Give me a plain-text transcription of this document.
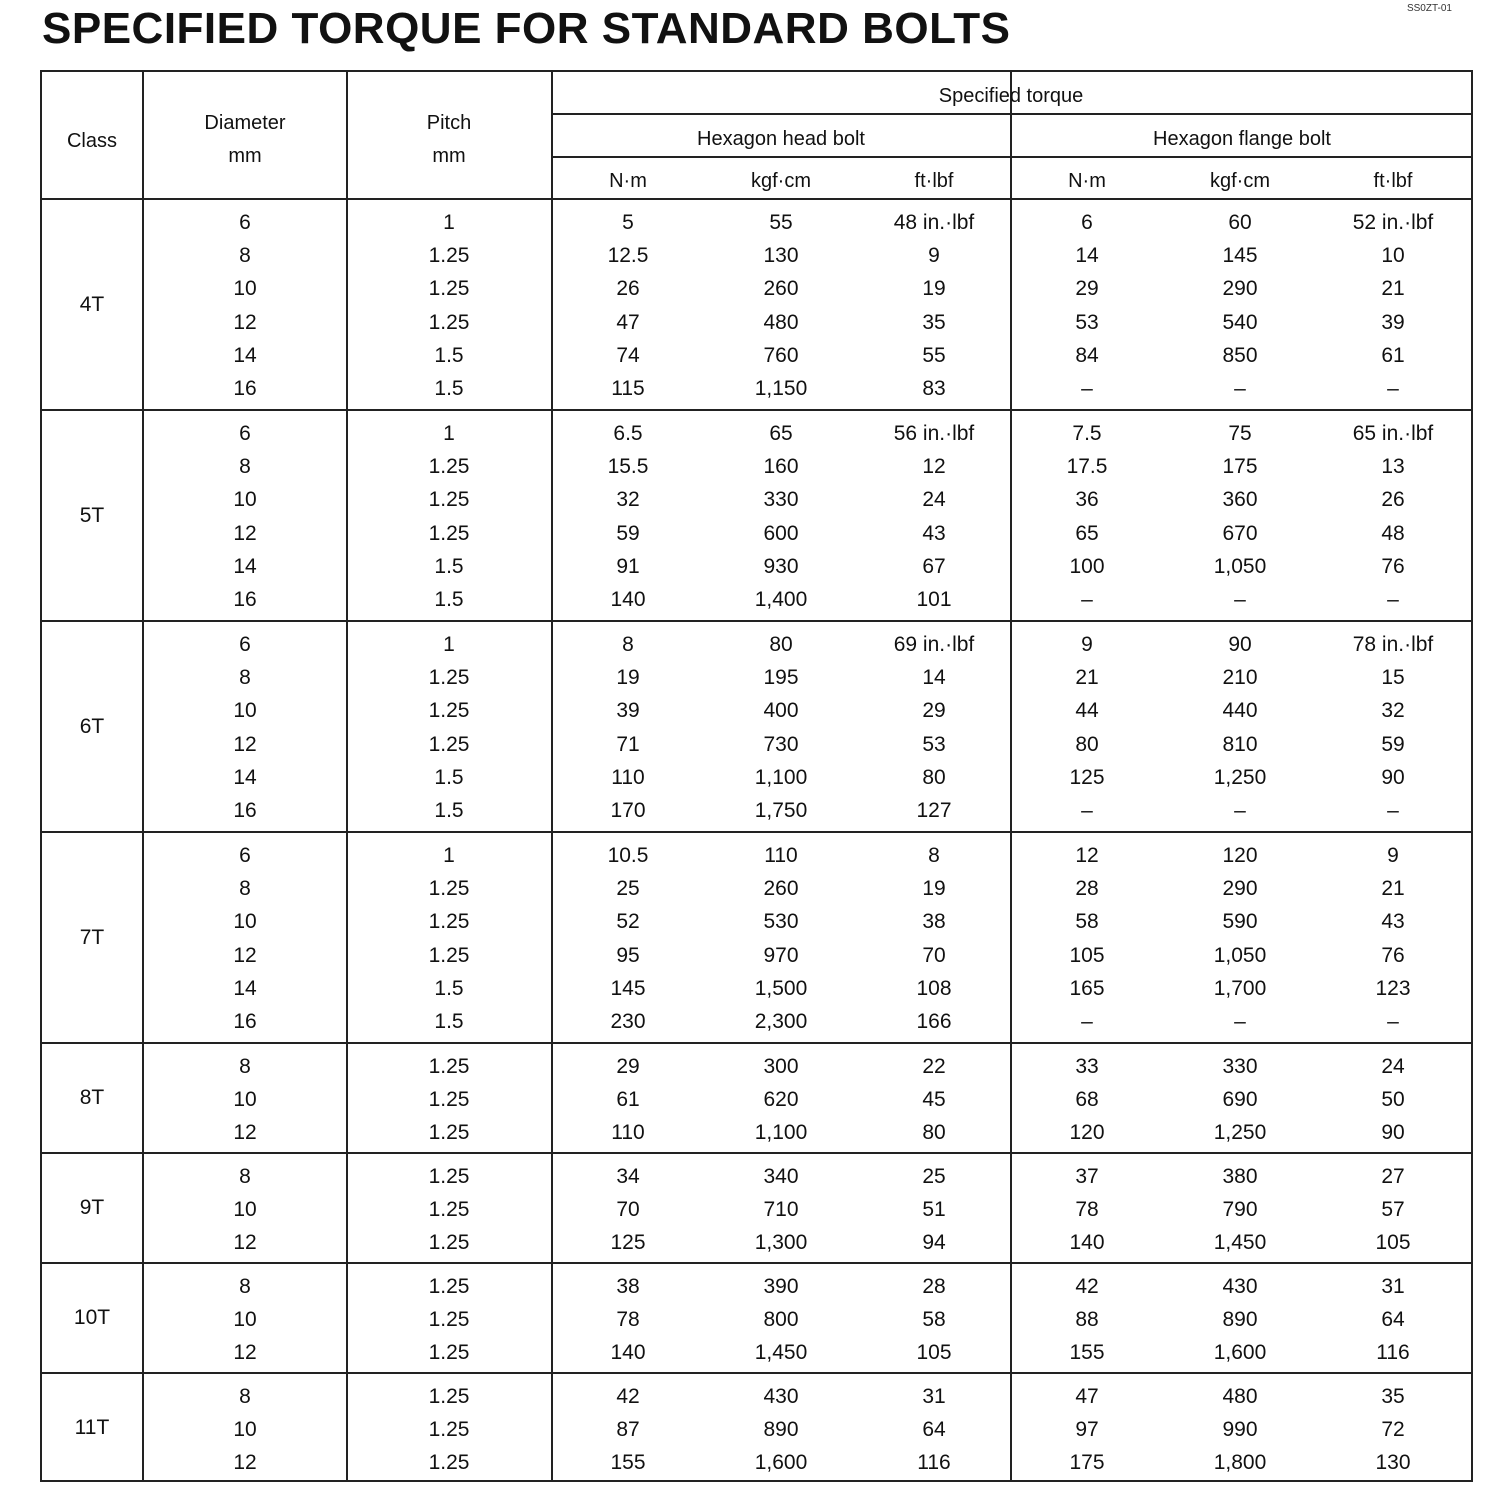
SS0ZT-01
SPECIFIED TORQUE FOR STANDARD BOLTS
Class
Diameter
mm
Pitch
mm
Specified torque
Hexagon head bolt	Hexagon flange bolt
N·m	kgf·cm	ft·lbf	N·m	kgf·cm	ft·lbf
4T
6	1	5	55	48 in.·lbf	6	60	52 in.·lbf
8	1.25	12.5	130	9	14	145	10
10	1.25	26	260	19	29	290	21
12	1.25	47	480	35	53	540	39
14	1.5	74	760	55	84	850	61
16	1.5	115	1,150	83	–	–	–
5T
6	1	6.5	65	56 in.·lbf	7.5	75	65 in.·lbf
8	1.25	15.5	160	12	17.5	175	13
10	1.25	32	330	24	36	360	26
12	1.25	59	600	43	65	670	48
14	1.5	91	930	67	100	1,050	76
16	1.5	140	1,400	101	–	–	–
6T
6	1	8	80	69 in.·lbf	9	90	78 in.·lbf
8	1.25	19	195	14	21	210	15
10	1.25	39	400	29	44	440	32
12	1.25	71	730	53	80	810	59
14	1.5	110	1,100	80	125	1,250	90
16	1.5	170	1,750	127	–	–	–
7T
6	1	10.5	110	8	12	120	9
8	1.25	25	260	19	28	290	21
10	1.25	52	530	38	58	590	43
12	1.25	95	970	70	105	1,050	76
14	1.5	145	1,500	108	165	1,700	123
16	1.5	230	2,300	166	–	–	–
8T
8	1.25	29	300	22	33	330	24
10	1.25	61	620	45	68	690	50
12	1.25	110	1,100	80	120	1,250	90
9T
8	1.25	34	340	25	37	380	27
10	1.25	70	710	51	78	790	57
12	1.25	125	1,300	94	140	1,450	105
10T
8	1.25	38	390	28	42	430	31
10	1.25	78	800	58	88	890	64
12	1.25	140	1,450	105	155	1,600	116
11T
8	1.25	42	430	31	47	480	35
10	1.25	87	890	64	97	990	72
12	1.25	155	1,600	116	175	1,800	130
